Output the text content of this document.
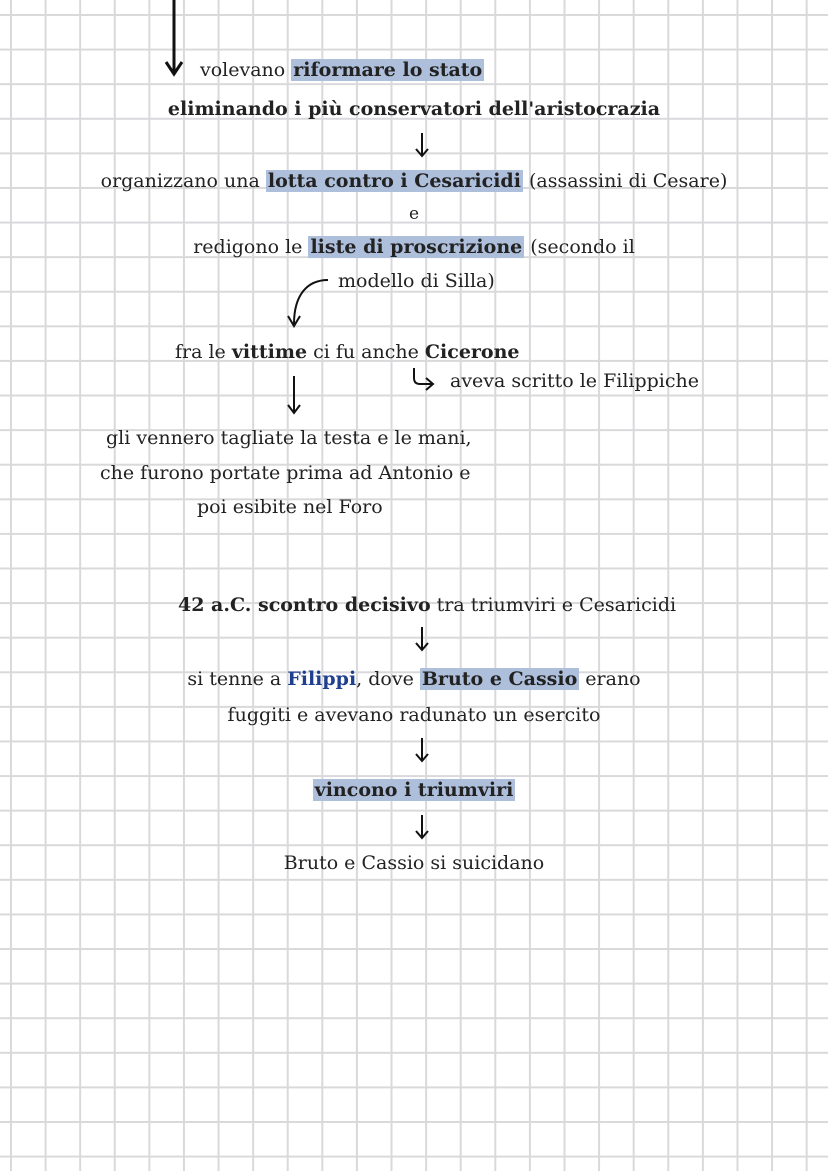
volevano riformare lo stato
eliminando i più conservatori dell'aristocrazia
organizzano una lotta contro i Cesaricidi (assassini di Cesare)
e
redigono le liste di proscrizione (secondo il
modello di Silla)
fra le vittime ci fu anche Cicerone
aveva scritto le Filippiche
gli vennero tagliate la testa e le mani,
che furono portate prima ad Antonio e
poi esibite nel Foro
42 a.C. scontro decisivo tra triumviri e Cesaricidi
si tenne a Filippi, dove Bruto e Cassio erano
fuggiti e avevano radunato un esercito
vincono i triumviri
Bruto e Cassio si suicidano
